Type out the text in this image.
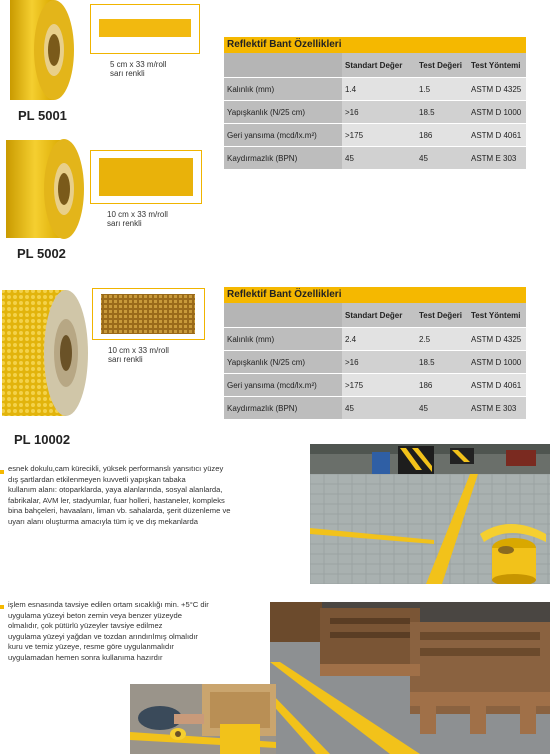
PL 5001
5 cm x 33 m/roll
sarı renkli
Reflektif Bant Özellikleri
	Standart Değer	Test Değeri	Test Yöntemi
Kalınlık (mm)	1.4	1.5	ASTM D 4325
Yapışkanlık (N/25 cm)	>16	18.5	ASTM D 1000
Geri yansıma (mcd/lx.m²)	>175	186	ASTM D 4061
Kaydırmazlık (BPN)	45	45	ASTM E 303
PL 5002
10 cm x 33 m/roll
sarı renkli
PL 10002
10 cm x 33 m/roll
sarı renkli
Reflektif Bant Özellikleri
	Standart Değer	Test Değeri	Test Yöntemi
Kalınlık (mm)	2.4	2.5	ASTM D 4325
Yapışkanlık (N/25 cm)	>16	18.5	ASTM D 1000
Geri yansıma (mcd/lx.m²)	>175	186	ASTM D 4061
Kaydırmazlık (BPN)	45	45	ASTM E 303
esnek dokulu,cam kürecikli, yüksek performanslı yansıtıcı yüzey
dış şartlardan etkilenmeyen kuvvetli yapışkan tabaka
kullanım alanı: otoparklarda, yaya alanlarında, sosyal alanlarda,
fabrikalar, AVM ler, stadyumlar, fuar holleri, hastaneler, kompleks
bina bahçeleri, havaalanı, liman vb. sahalarda, şerit düzenleme ve
uyarı alanı oluşturma amacıyla tüm iç ve dış mekanlarda
işlem esnasında tavsiye edilen ortam sıcaklığı min. +5°C dir
uygulama yüzeyi beton zemin veya benzer yüzeyde
olmalıdır, çok pütürlü yüzeyler tavsiye edilmez
uygulama yüzeyi yağdan ve tozdan arındırılmış olmalıdır
kuru ve temiz yüzeye, resme göre uygulanmalıdır
uygulamadan hemen sonra kullanıma hazırdır
